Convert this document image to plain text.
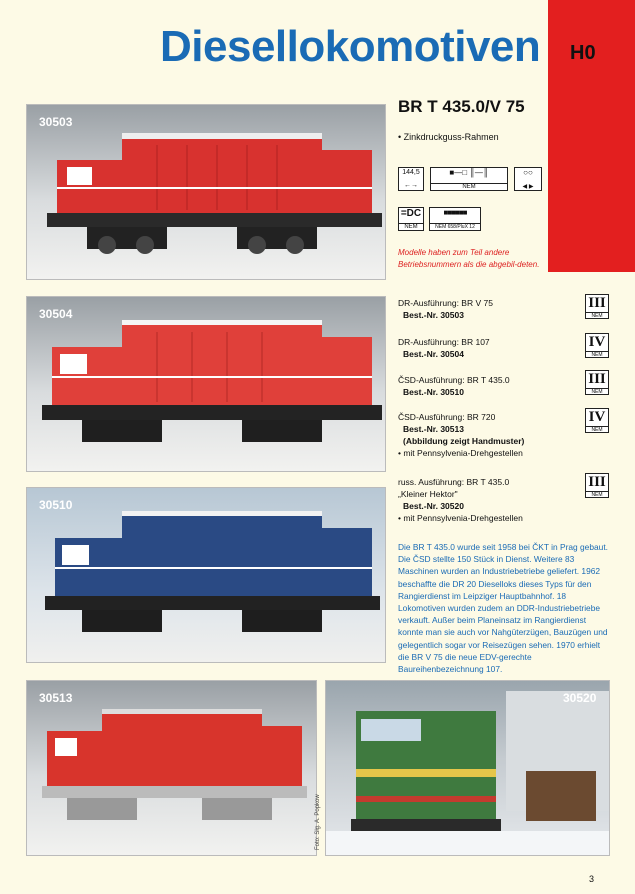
Diesellokomotiven H0
30503
BR T 435.0/V 75
• Zinkdruckguss-Rahmen
144,5
←→
■—□ ║—║
NEM
○○
◀ ▶
=DC
NEM
■■■■■■
NEM 658/PluX 12
Modelle haben zum Teil andere Betriebsnummern als die abgebil-deten.
30504
30510
30513	30520
Foto: Slg. A. Popkow
DR-Ausführung: BR V 75
Best.-Nr. 30503
III
NEM
DR-Ausführung: BR 107
Best.-Nr. 30504
IV
NEM
ČSD-Ausführung: BR T 435.0
Best.-Nr. 30510
III
NEM
ČSD-Ausführung: BR 720
Best.-Nr. 30513
(Abbildung zeigt Handmuster)
• mit Pennsylvenia-Drehgestellen
IV
NEM
russ. Ausführung: BR T 435.0
„Kleiner Hektor"
Best.-Nr. 30520
• mit Pennsylvenia-Drehgestellen
III
NEM
Die BR T 435.0 wurde seit 1958 bei ČKT in Prag gebaut. Die ČSD stellte 150 Stück in Dienst. Weitere 83 Maschinen wurden an Industriebetriebe geliefert. 1962 beschaffte die DR 20 Dieselloks dieses Typs für den Rangierdienst im Leipziger Hauptbahnhof. 18 Lokomotiven wurden zudem an DDR-Industriebetriebe verkauft. Außer beim Planeinsatz im Rangierdienst konnte man sie auch vor Nahgüterzügen, Bauzügen und gelegentlich sogar vor Reisezügen sehen. 1970 erhielt die BR V 75 die neue EDV-gerechte Baureihenbezeichnung 107.
3
